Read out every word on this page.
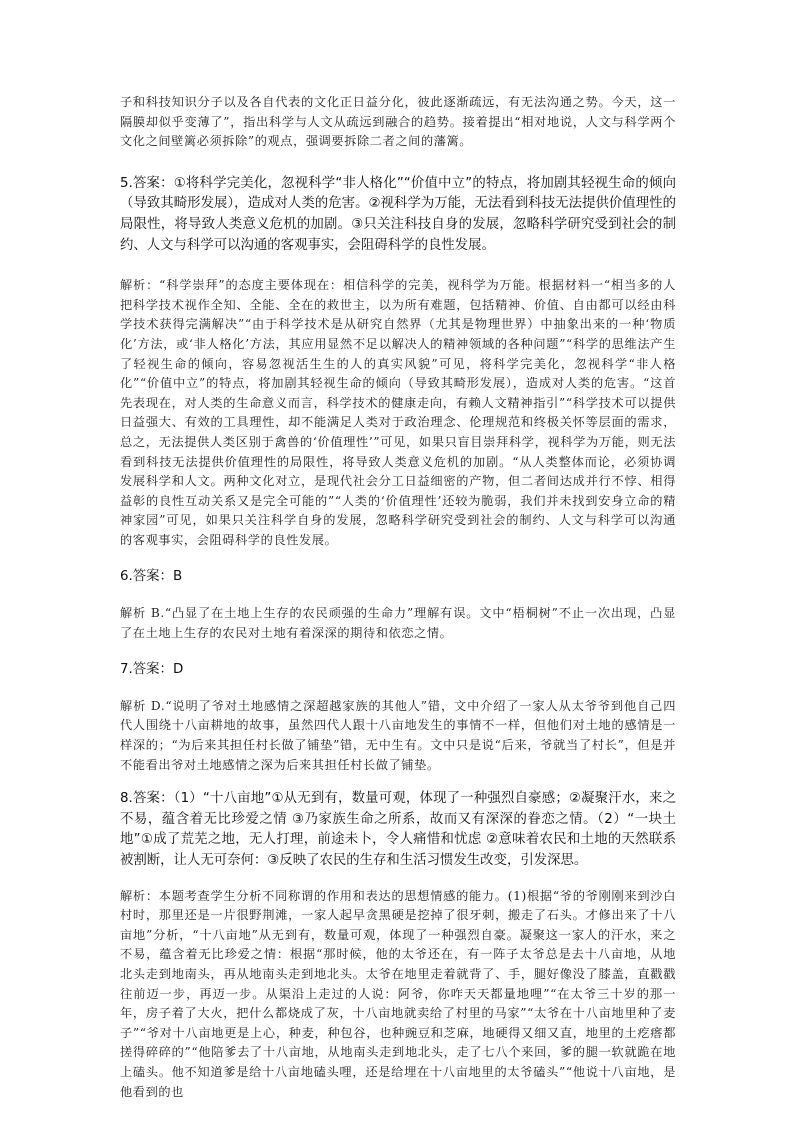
子和科技知识分子以及各自代表的文化正日益分化，彼此逐渐疏远，有无法沟通之势。今天，这一隔膜却似乎变薄了”，指出科学与人文从疏远到融合的趋势。接着提出“相对地说，人文与科学两个文化之间壁篱必须拆除”的观点，强调要拆除二者之间的藩篱。

5.答案：①将科学完美化，忽视科学“非人格化”“价值中立”的特点，将加剧其轻视生命的倾向（导致其畸形发展），造成对人类的危害。②视科学为万能，无法看到科技无法提供价值理性的局限性，将导致人类意义危机的加剧。③只关注科技自身的发展，忽略科学研究受到社会的制约、人文与科学可以沟通的客观事实，会阻碍科学的良性发展。

解析：“科学崇拜”的态度主要体现在：相信科学的完美，视科学为万能。根据材料一“相当多的人把科学技术视作全知、全能、全在的救世主，以为所有难题，包括精神、价值、自由都可以经由科学技术获得完满解决”“由于科学技术是从研究自然界（尤其是物理世界）中抽象出来的一种‘物质化’方法，或‘非人格化’方法，其应用显然不足以解决人的精神领域的各种问题”“科学的思维法产生了轻视生命的倾向，容易忽视活生生的人的真实风貌”可见，将科学完美化，忽视科学“非人格化”“价值中立”的特点，将加剧其轻视生命的倾向（导致其畸形发展），造成对人类的危害。“这首先表现在，对人类的生命意义而言，科学技术的健康走向，有赖人文精神指引”“科学技术可以提供日益强大、有效的工具理性，却不能满足人类对于政治理念、伦理规范和终极关怀等层面的需求，总之，无法提供人类区别于禽兽的‘价值理性’”可见，如果只盲目崇拜科学，视科学为万能，则无法看到科技无法提供价值理性的局限性，将导致人类意义危机的加剧。“从人类整体而论，必须协调发展科学和人文。两种文化对立，是现代社会分工日益细密的产物，但二者间达成并行不悖、相得益彰的良性互动关系又是完全可能的”“人类的‘价值理性’还较为脆弱，我们并未找到安身立命的精神家园”可见，如果只关注科学自身的发展，忽略科学研究受到社会的制约、人文与科学可以沟通的客观事实，会阻碍科学的良性发展。

6.答案：B

解析 B.“凸显了在土地上生存的农民顽强的生命力”理解有误。文中“梧桐树”不止一次出现，凸显了在土地上生存的农民对土地有着深深的期待和依恋之情。

7.答案：D

解析 D.“说明了爷对土地感情之深超越家族的其他人”错，文中介绍了一家人从太爷爷到他自己四代人围绕十八亩耕地的故事，虽然四代人跟十八亩地发生的事情不一样，但他们对土地的感情是一样深的；“为后来其担任村长做了铺垫”错，无中生有。文中只是说“后来，爷就当了村长”，但是并不能看出爷对土地感情之深为后来其担任村长做了铺垫。

8.答案：（1）“十八亩地”①从无到有，数量可观，体现了一种强烈自豪感；②凝聚汗水，来之不易，蕴含着无比珍爱之情 ③乃家族生命之所系，故而又有深深的眷恋之情。（2）“一块土地”①成了荒芜之地，无人打理，前途未卜，令人痛惜和忧虑 ②意味着农民和土地的天然联系被割断，让人无可奈何：③反映了农民的生存和生活习惯发生改变，引发深思。

解析：本题考查学生分析不同称谓的作用和表达的思想情感的能力。(1)根据“爷的爷刚刚来到沙白村时，那里还是一片很野荆滩，一家人起早贪黑硬是挖掉了很牙刺，搬走了石头。才修出来了十八亩地”分析，“十八亩地”从无到有，数量可观，体现了一种强烈自豪。凝聚这一家人的汗水，来之不易，蕴含着无比珍爱之情：根据“那时候，他的太爷还在，有一阵子太爷总是去十八亩地，从地北头走到地南头，再从地南头走到地北头。太爷在地里走着就背了、手，腿好像没了膝盖，直戳戳往前迈一步，再迈一步。从渠沿上走过的人说：阿爷，你咋天天都量地哩”“在太爷三十岁的那一年，房子着了大火，把什么都烧成了灰，十八亩地就卖给了村里的马家”“太爷在十八亩地里种了麦子”“爷对十八亩地更是上心，种麦，种包谷，也种豌豆和芝麻，地硬得又细又直，地里的土疙瘩都搓得碎碎的”“他陪爹去了十八亩地，从地南头走到地北头，走了七八个来回，爹的腿一软就跪在地上磕头。他不知道爹是给十八亩地磕头哩，还是给埋在十八亩地里的太爷磕头”“他说十八亩地，是他看到的也
